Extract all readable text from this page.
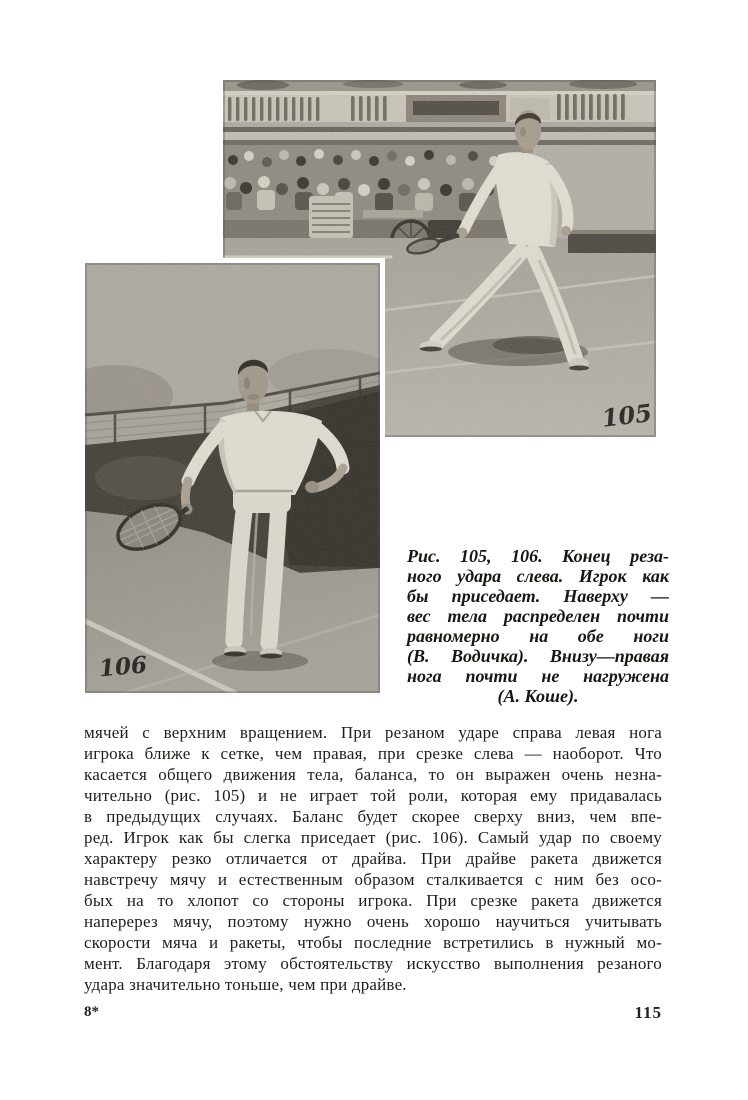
105
106
Рис. 105, 106. Конец реза-
ного удара слева. Игрок как
бы приседает. Наверху —
вес тела распределен почти
равномерно на обе ноги
(В. Водичка). Внизу—правая
нога почти не нагружена
(А. Коше).
мячей с верхним вращением. При резаном ударе справа левая нога
игрока ближе к сетке, чем правая, при срезке слева — наоборот. Что
касается общего движения тела, баланса, то он выражен очень незна-
чительно (рис. 105) и не играет той роли, которая ему придавалась
в предыдущих случаях. Баланс будет скорее сверху вниз, чем впе-
ред. Игрок как бы слегка приседает (рис. 106). Самый удар по своему
характеру резко отличается от драйва. При драйве ракета движется
навстречу мячу и естественным образом сталкивается с ним без осо-
бых на то хлопот со стороны игрока. При срезке ракета движется
наперерез мячу, поэтому нужно очень хорошо научиться учитывать
скорости мяча и ракеты, чтобы последние встретились в нужный мо-
мент. Благодаря этому обстоятельству искусство выполнения резаного
удара значительно тоньше, чем при драйве.
8*	115
